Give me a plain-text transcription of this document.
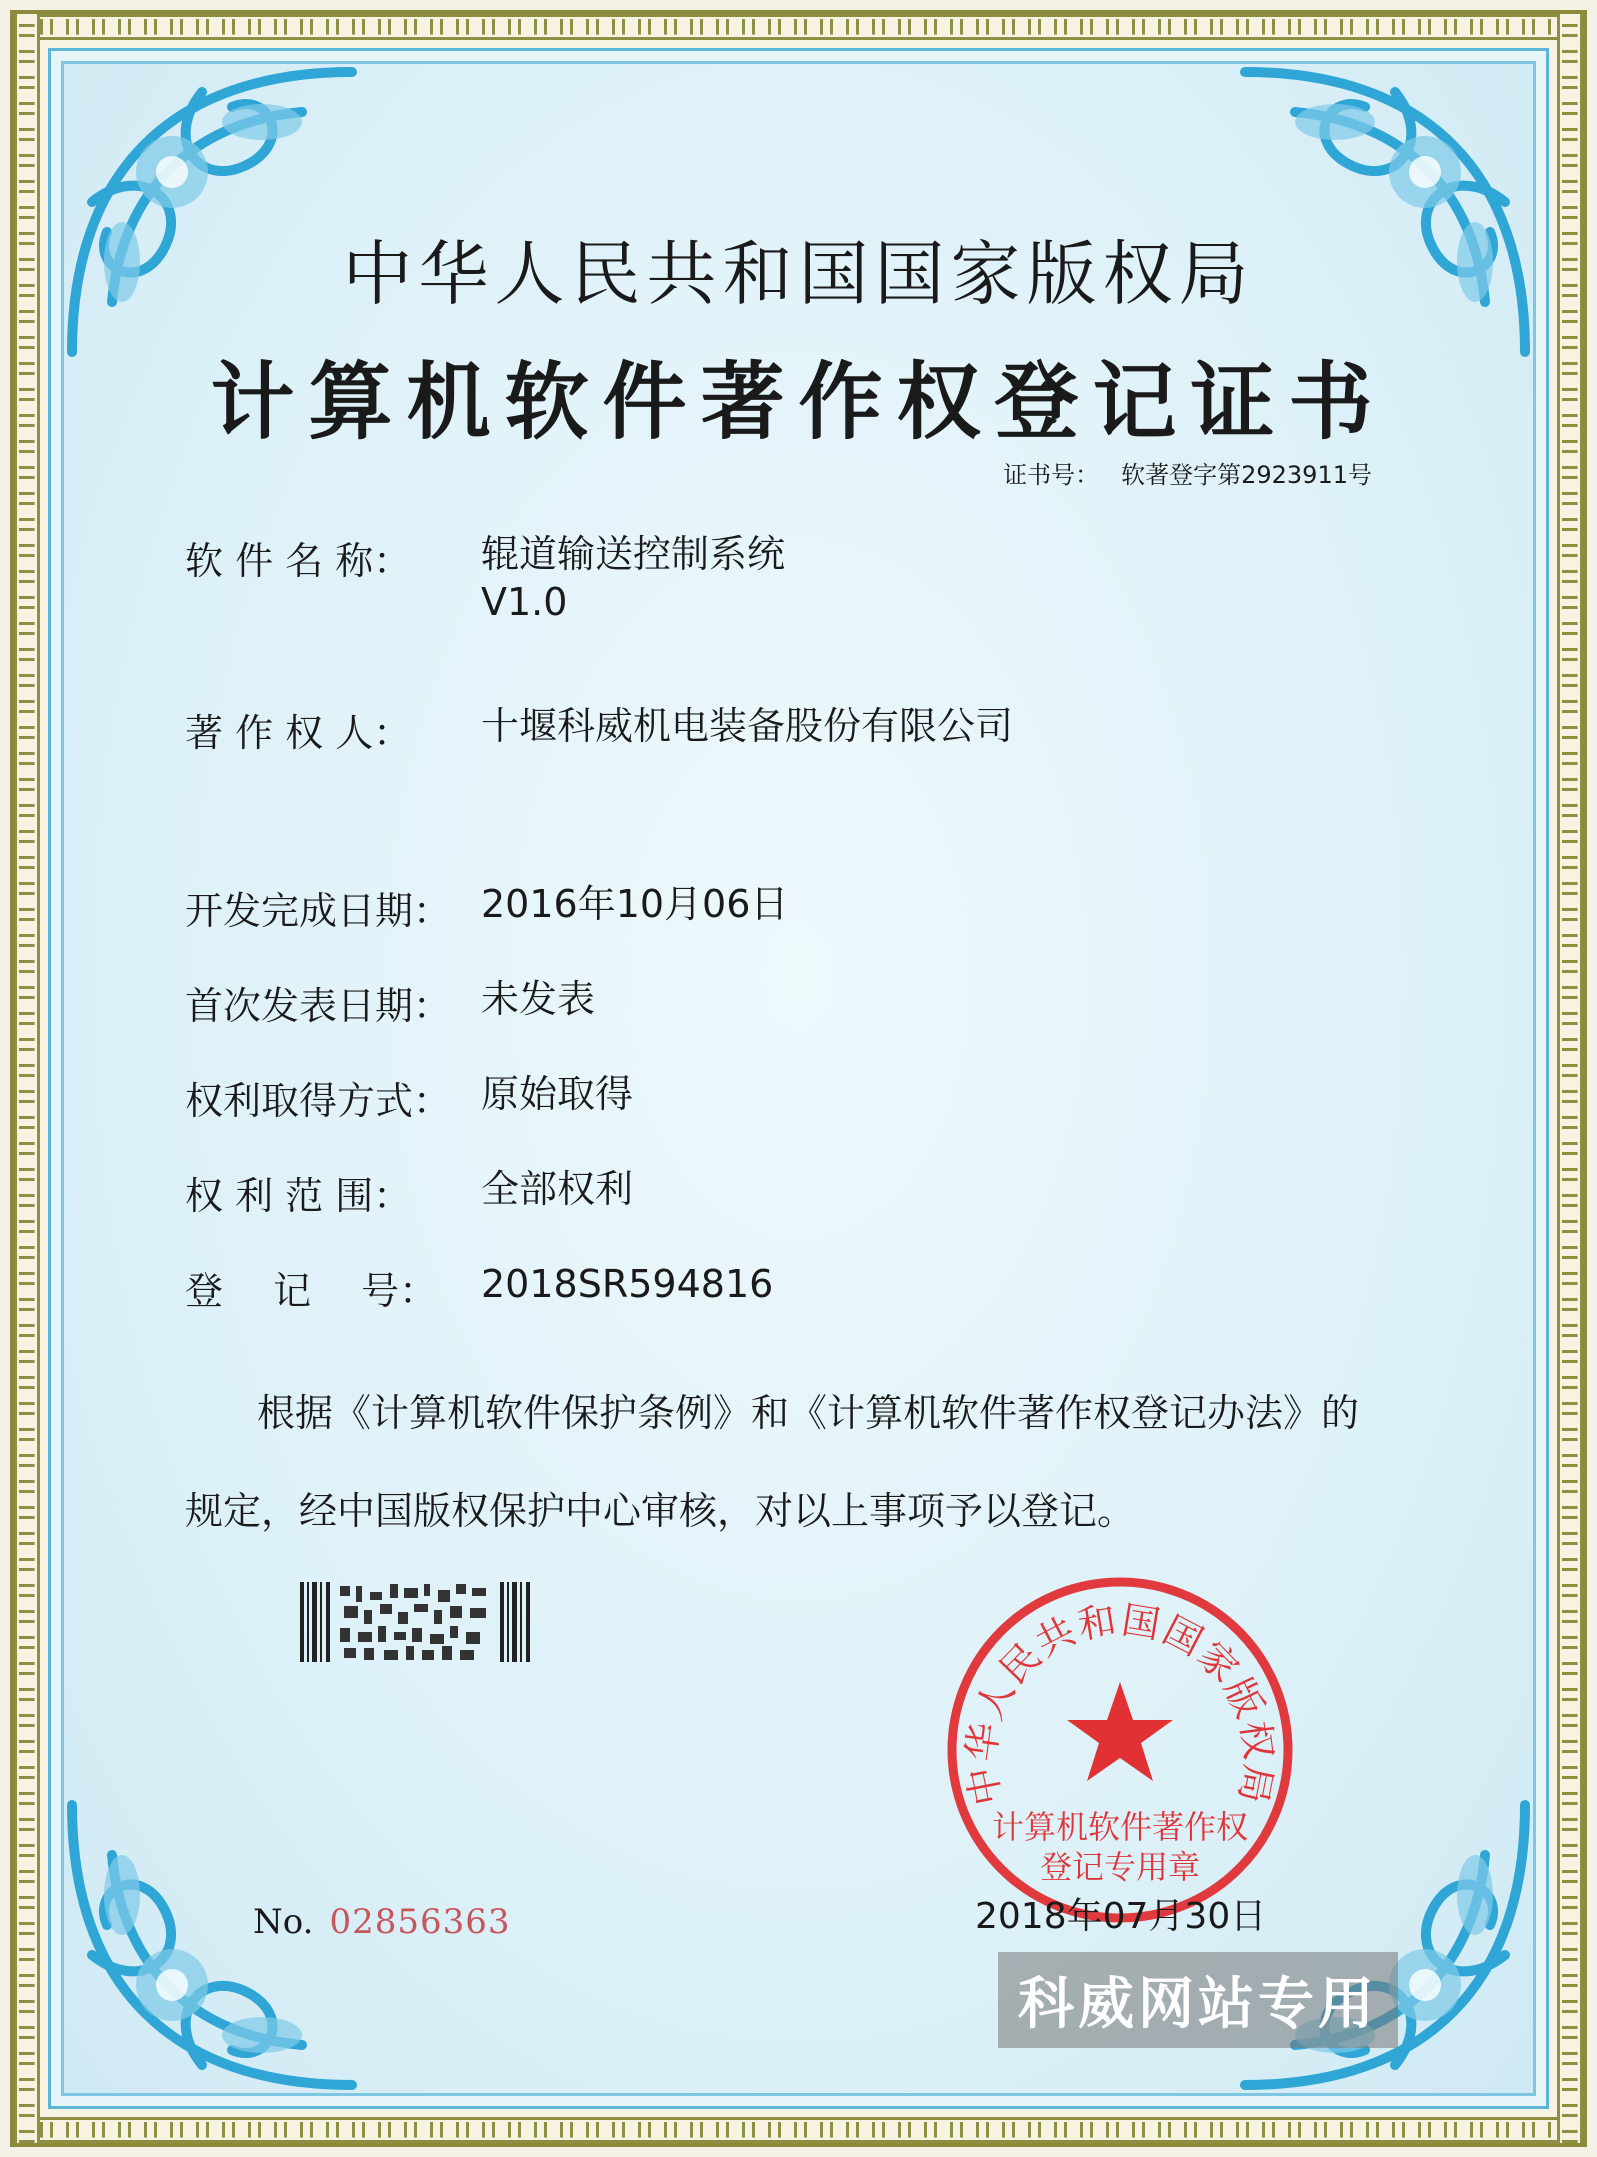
中华人民共和国国家版权局
计算机软件著作权登记证书
证书号： 软著登字第2923911号
软 件 名 称：	辊道输送控制系统
V1.0
著 作 权 人：	十堰科威机电装备股份有限公司
开发完成日期： 2016年10月06日
首次发表日期： 未发表
权利取得方式： 原始取得
权 利 范 围：	全部权利
登　 记　 号：	2018SR594816
根据《计算机软件保护条例》和《计算机软件著作权登记办法》的
规定，经中国版权保护中心审核，对以上事项予以登记。
中华人民共和国国家版权局
计算机软件著作权
登记专用章
No. 02856363	2018年07月30日
科威网站专用
